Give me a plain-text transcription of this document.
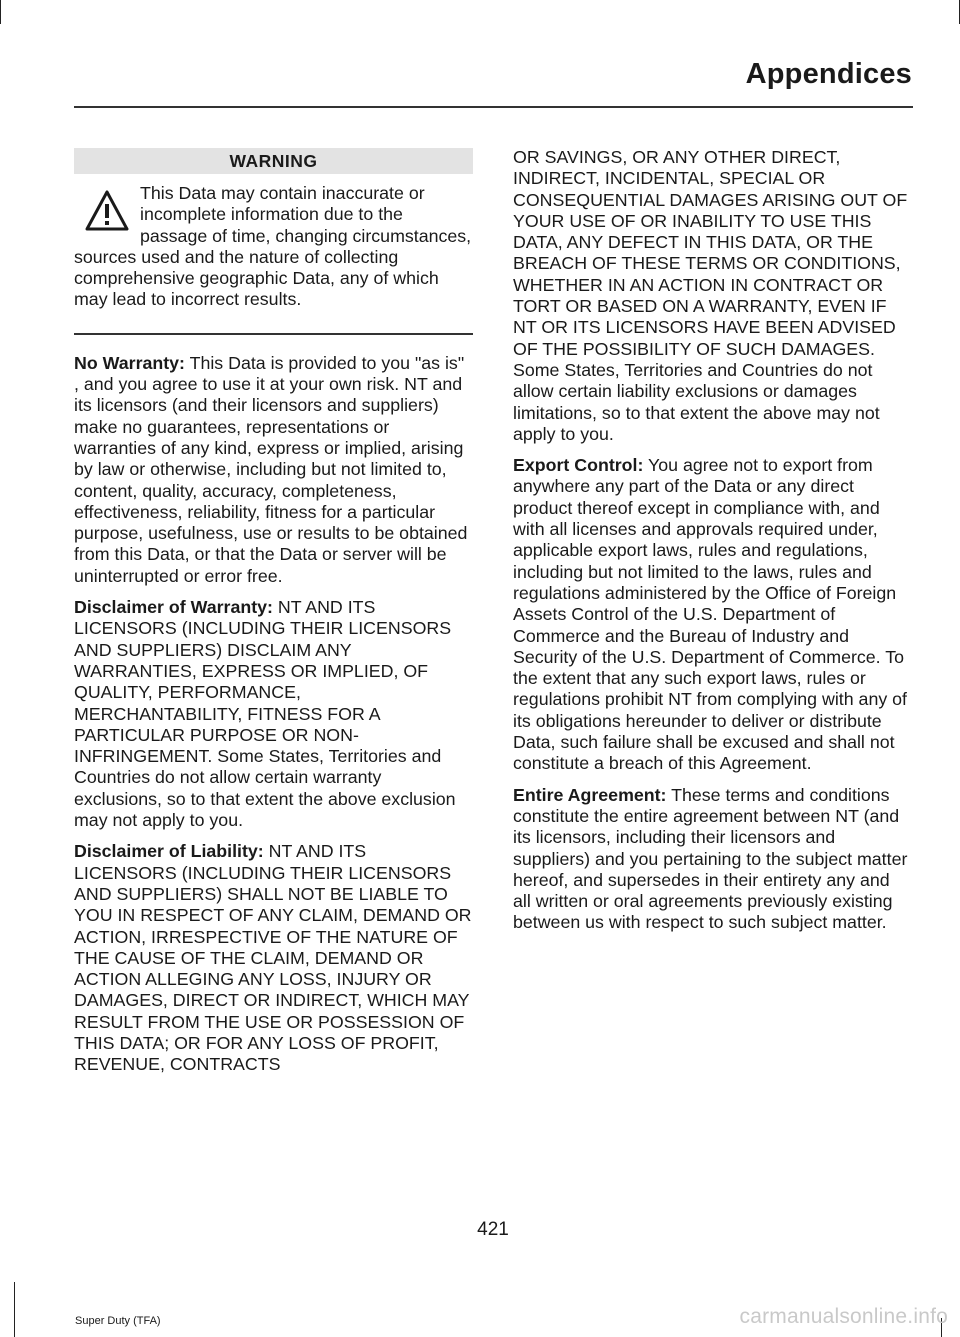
Appendices
WARNING

This Data may contain inaccurate or incomplete information due to the passage of time, changing circumstances, sources used and the nature of collecting comprehensive geographic Data, any of which may lead to incorrect results.

No Warranty: This Data is provided to you "as is" , and you agree to use it at your own risk. NT and its licensors (and their licensors and suppliers) make no guarantees, representations or warranties of any kind, express or implied, arising by law or otherwise, including but not limited to, content, quality, accuracy, completeness, effectiveness, reliability, fitness for a particular purpose, usefulness, use or results to be obtained from this Data, or that the Data or server will be uninterrupted or error free.

Disclaimer of Warranty: NT AND ITS LICENSORS (INCLUDING THEIR LICENSORS AND SUPPLIERS) DISCLAIM ANY WARRANTIES, EXPRESS OR IMPLIED, OF QUALITY, PERFORMANCE, MERCHANTABILITY, FITNESS FOR A PARTICULAR PURPOSE OR NON-INFRINGEMENT. Some States, Territories and Countries do not allow certain warranty exclusions, so to that extent the above exclusion may not apply to you.

Disclaimer of Liability: NT AND ITS LICENSORS (INCLUDING THEIR LICENSORS AND SUPPLIERS) SHALL NOT BE LIABLE TO YOU IN RESPECT OF ANY CLAIM, DEMAND OR ACTION, IRRESPECTIVE OF THE NATURE OF THE CAUSE OF THE CLAIM, DEMAND OR ACTION ALLEGING ANY LOSS, INJURY OR DAMAGES, DIRECT OR INDIRECT, WHICH MAY RESULT FROM THE USE OR POSSESSION OF THIS DATA; OR FOR ANY LOSS OF PROFIT, REVENUE, CONTRACTS

OR SAVINGS, OR ANY OTHER DIRECT, INDIRECT, INCIDENTAL, SPECIAL OR CONSEQUENTIAL DAMAGES ARISING OUT OF YOUR USE OF OR INABILITY TO USE THIS DATA, ANY DEFECT IN THIS DATA, OR THE BREACH OF THESE TERMS OR CONDITIONS, WHETHER IN AN ACTION IN CONTRACT OR TORT OR BASED ON A WARRANTY, EVEN IF NT OR ITS LICENSORS HAVE BEEN ADVISED OF THE POSSIBILITY OF SUCH DAMAGES. Some States, Territories and Countries do not allow certain liability exclusions or damages limitations, so to that extent the above may not apply to you.

Export Control: You agree not to export from anywhere any part of the Data or any direct product thereof except in compliance with, and with all licenses and approvals required under, applicable export laws, rules and regulations, including but not limited to the laws, rules and regulations administered by the Office of Foreign Assets Control of the U.S. Department of Commerce and the Bureau of Industry and Security of the U.S. Department of Commerce. To the extent that any such export laws, rules or regulations prohibit NT from complying with any of its obligations hereunder to deliver or distribute Data, such failure shall be excused and shall not constitute a breach of this Agreement.

Entire Agreement: These terms and conditions constitute the entire agreement between NT (and its licensors, including their licensors and suppliers) and you pertaining to the subject matter hereof, and supersedes in their entirety any and all written or oral agreements previously existing between us with respect to such subject matter.

421
Super Duty (TFA)	carmanualsonline.info
